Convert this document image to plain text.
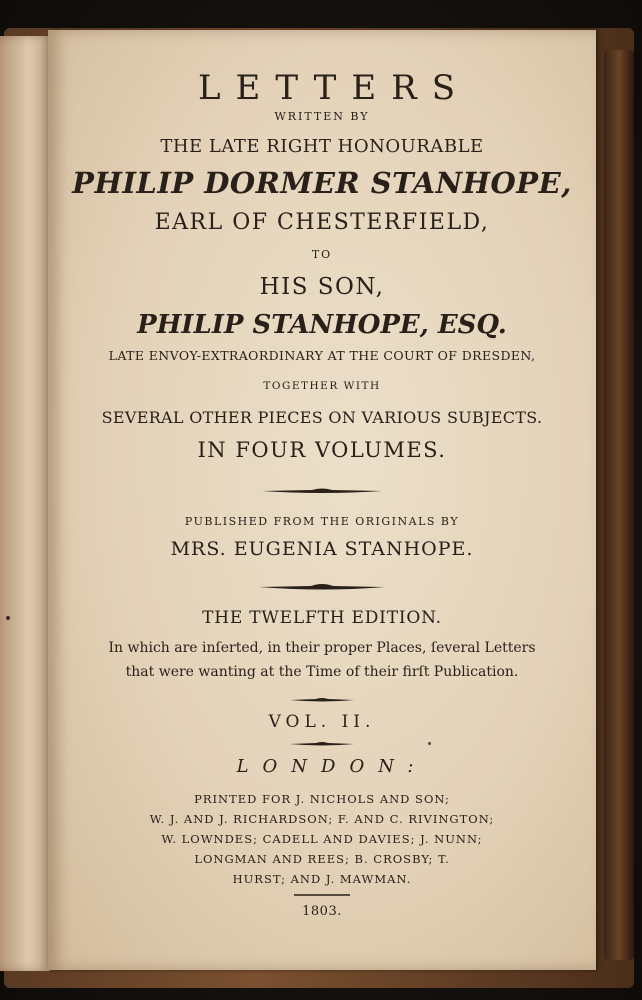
LETTERS

WRITTEN BY

THE LATE RIGHT HONOURABLE

PHILIP DORMER STANHOPE,

EARL OF CHESTERFIELD,

TO

HIS SON,

PHILIP STANHOPE, ESQ.

LATE ENVOY-EXTRAORDINARY AT THE COURT OF DRESDEN,

TOGETHER WITH

SEVERAL OTHER PIECES ON VARIOUS SUBJECTS.

IN FOUR VOLUMES.

PUBLISHED FROM THE ORIGINALS BY

MRS. EUGENIA STANHOPE.

THE TWELFTH EDITION.

In which are inſerted, in their proper Places, ſeveral Letters

that were wanting at the Time of their firſt Publication.

VOL. II.

LONDON:

PRINTED FOR J. NICHOLS AND SON;

W. J. AND J. RICHARDSON; F. AND C. RIVINGTON;

W. LOWNDES; CADELL AND DAVIES; J. NUNN;

LONGMAN AND REES; B. CROSBY; T.

HURST; AND J. MAWMAN.

1803.
